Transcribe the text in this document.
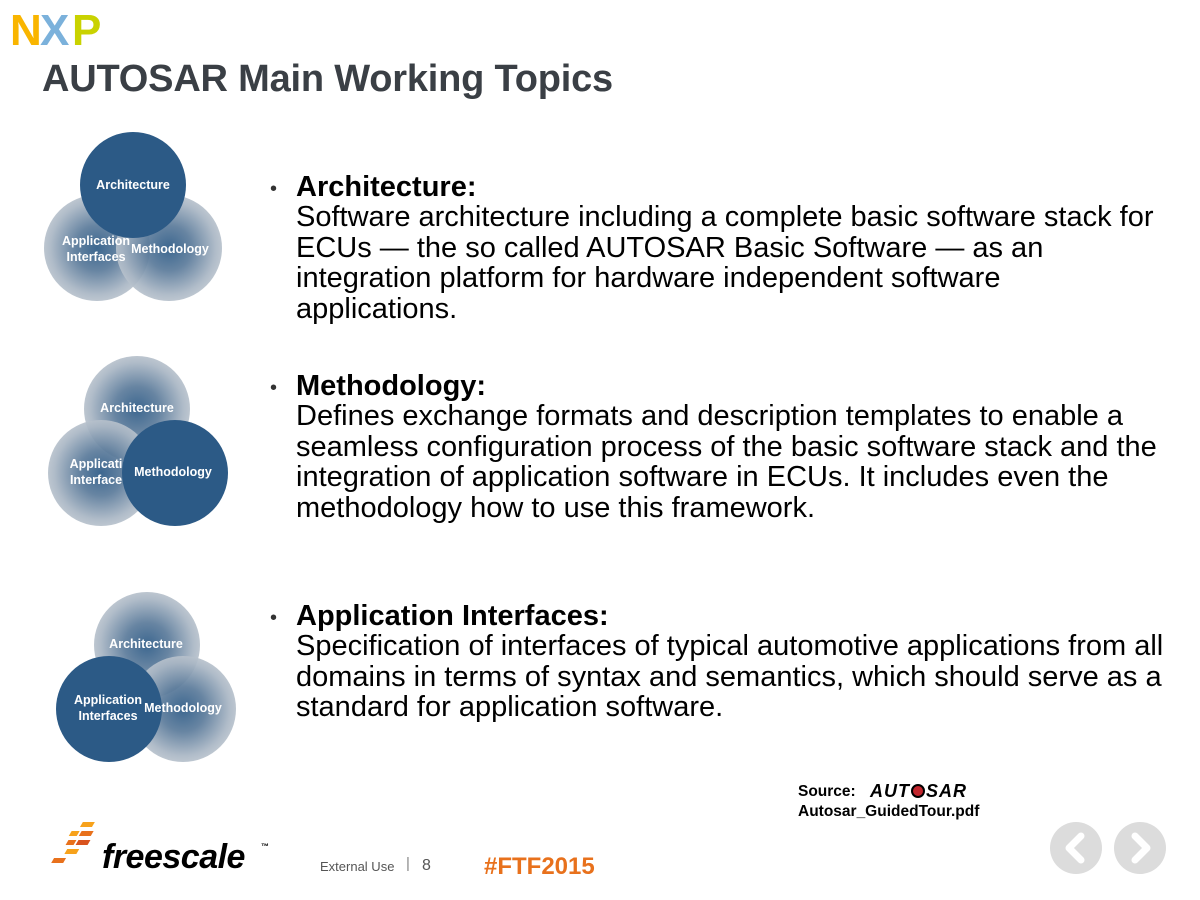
N X P
AUTOSAR Main Working Topics
Architecture
Methodology
Application
Interfaces
Architecture
Methodology
Applicati
Interface
Architecture
Methodology
Application
Interfaces
• Architecture:
Software architecture including a complete basic software stack for ECUs — the so called AUTOSAR Basic Software — as an integration platform for hardware independent software applications.
• Methodology:
Defines exchange formats and description templates to enable a seamless configuration process of the basic software stack and the integration of application software in ECUs. It includes even the methodology how to use this framework.
• Application Interfaces:
Specification of interfaces of typical automotive applications from all domains in terms of syntax and semantics, which should serve as a standard for application software.
Source: AUT SAR
Autosar_GuidedTour.pdf
freescale ™
External Use | 8 #FTF2015
